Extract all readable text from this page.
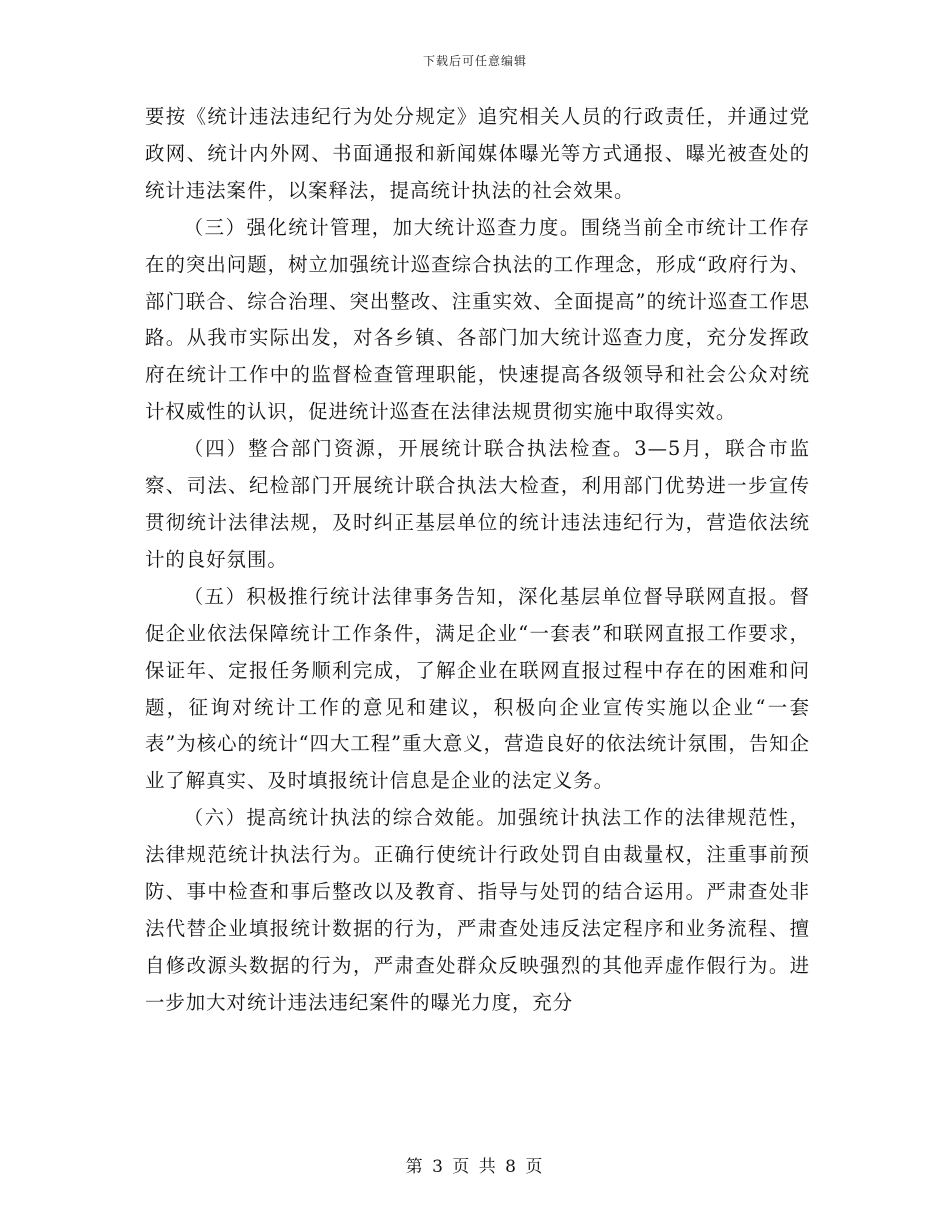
下载后可任意编辑

要按《统计违法违纪行为处分规定》追究相关人员的行政责任，并通过党政网、统计内外网、书面通报和新闻媒体曝光等方式通报、曝光被查处的统计违法案件，以案释法，提高统计执法的社会效果。

（三）强化统计管理，加大统计巡查力度。围绕当前全市统计工作存在的突出问题，树立加强统计巡查综合执法的工作理念，形成“政府行为、部门联合、综合治理、突出整改、注重实效、全面提高”的统计巡查工作思路。从我市实际出发，对各乡镇、各部门加大统计巡查力度，充分发挥政府在统计工作中的监督检查管理职能，快速提高各级领导和社会公众对统计权威性的认识，促进统计巡查在法律法规贯彻实施中取得实效。

（四）整合部门资源，开展统计联合执法检查。3—5月，联合市监察、司法、纪检部门开展统计联合执法大检查，利用部门优势进一步宣传贯彻统计法律法规，及时纠正基层单位的统计违法违纪行为，营造依法统计的良好氛围。

（五）积极推行统计法律事务告知，深化基层单位督导联网直报。督促企业依法保障统计工作条件，满足企业“一套表”和联网直报工作要求，保证年、定报任务顺利完成，了解企业在联网直报过程中存在的困难和问题，征询对统计工作的意见和建议，积极向企业宣传实施以企业“一套表”为核心的统计“四大工程”重大意义，营造良好的依法统计氛围，告知企业了解真实、及时填报统计信息是企业的法定义务。

（六）提高统计执法的综合效能。加强统计执法工作的法律规范性，法律规范统计执法行为。正确行使统计行政处罚自由裁量权，注重事前预防、事中检查和事后整改以及教育、指导与处罚的结合运用。严肃查处非法代替企业填报统计数据的行为，严肃查处违反法定程序和业务流程、擅自修改源头数据的行为，严肃查处群众反映强烈的其他弄虚作假行为。进一步加大对统计违法违纪案件的曝光力度，充分

第 3 页 共 8 页
